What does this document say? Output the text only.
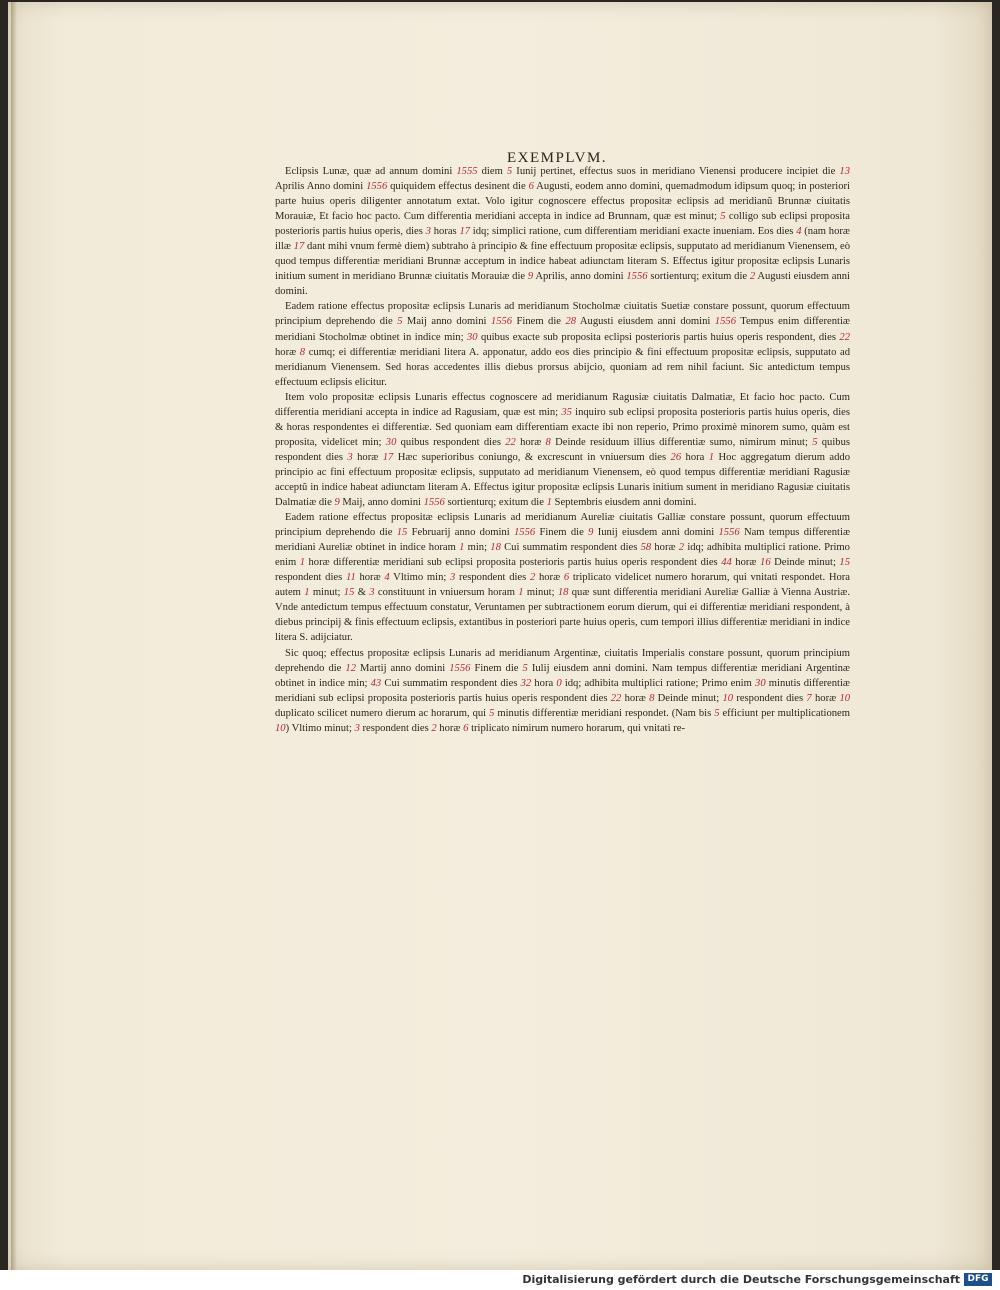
EXEMPLVM.

Eclipsis Lunæ, quæ ad annum domini 1555 diem 5 Iunij pertinet, effectus suos in meridiano Vienensi producere incipiet die 13 Aprilis Anno domini 1556 quiquidem effectus desinent die 6 Augusti, eodem anno domini, quemadmodum idipsum quoq; in posteriori parte huius operis diligenter annotatum extat. Volo igitur cognoscere effectus propositæ eclipsis ad meridianũ Brunnæ ciuitatis Morauiæ, Et facio hoc pacto. Cum differentia meridiani accepta in indice ad Brunnam, quæ est minut; 5 colligo sub eclipsi proposita posterioris partis huius operis, dies 3 horas 17 idq; simplici ratione, cum differentiam meridiani exacte inueniam. Eos dies 4 (nam horæ illæ 17 dant mihi vnum fermè diem) subtraho à principio & fine effectuum propositæ eclipsis, supputato ad meridianum Vienensem, eò quod tempus differentiæ meridiani Brunnæ acceptum in indice habeat adiunctam literam S. Effectus igitur propositæ eclipsis Lunaris initium sument in meridiano Brunnæ ciuitatis Morauiæ die 9 Aprilis, anno domini 1556 sortienturq; exitum die 2 Augusti eiusdem anni domini.

Eadem ratione effectus propositæ eclipsis Lunaris ad meridianum Stocholmæ ciuitatis Suetiæ constare possunt, quorum effectuum principium deprehendo die 5 Maij anno domini 1556 Finem die 28 Augusti eiusdem anni domini 1556 Tempus enim differentiæ meridiani Stocholmæ obtinet in indice min; 30 quibus exacte sub proposita eclipsi posterioris partis huius operis respondent, dies 22 horæ 8 cumq; ei differentiæ meridiani litera A. apponatur, addo eos dies principio & fini effectuum propositæ eclipsis, supputato ad meridianum Vienensem. Sed horas accedentes illis diebus prorsus abijcio, quoniam ad rem nihil faciunt. Sic antedictum tempus effectuum eclipsis elicitur.

Item volo propositæ eclipsis Lunaris effectus cognoscere ad meridianum Ragusiæ ciuitatis Dalmatiæ, Et facio hoc pacto. Cum differentia meridiani accepta in indice ad Ragusiam, quæ est min; 35 inquiro sub eclipsi proposita posterioris partis huius operis, dies & horas respondentes ei differentiæ. Sed quoniam eam differentiam exacte ibi non reperio, Primo proximè minorem sumo, quàm est proposita, videlicet min; 30 quibus respondent dies 22 horæ 8 Deinde residuum illius differentiæ sumo, nimirum minut; 5 quibus respondent dies 3 horæ 17 Hæc superioribus coniungo, & excrescunt in vniuersum dies 26 hora 1 Hoc aggregatum dierum addo principio ac fini effectuum propositæ eclipsis, supputato ad meridianum Vienensem, eò quod tempus differentiæ meridiani Ragusiæ acceptũ in indice habeat adiunctam literam A. Effectus igitur propositæ eclipsis Lunaris initium sument in meridiano Ragusiæ ciuitatis Dalmatiæ die 9 Maij, anno domini 1556 sortienturq; exitum die 1 Septembris eiusdem anni domini.

Eadem ratione effectus propositæ eclipsis Lunaris ad meridianum Aureliæ ciuitatis Galliæ constare possunt, quorum effectuum principium deprehendo die 15 Februarij anno domini 1556 Finem die 9 Iunij eiusdem anni domini 1556 Nam tempus differentiæ meridiani Aureliæ obtinet in indice horam 1 min; 18 Cui summatim respondent dies 58 horæ 2 idq; adhibita multiplici ratione. Primo enim 1 horæ differentiæ meridiani sub eclipsi proposita posterioris partis huius operis respondent dies 44 horæ 16 Deinde minut; 15 respondent dies 11 horæ 4 Vltimo min; 3 respondent dies 2 horæ 6 triplicato videlicet numero horarum, qui vnitati respondet. Hora autem 1 minut; 15 & 3 constituunt in vniuersum horam 1 minut; 18 quæ sunt differentia meridiani Aureliæ Galliæ à Vienna Austriæ. Vnde antedictum tempus effectuum constatur, Veruntamen per subtractionem eorum dierum, qui ei differentiæ meridiani respondent, à diebus principij & finis effectuum eclipsis, extantibus in posteriori parte huius operis, cum tempori illius differentiæ meridiani in indice litera S. adijciatur.

Sic quoq; effectus propositæ eclipsis Lunaris ad meridianum Argentinæ, ciuitatis Imperialis constare possunt, quorum principium deprehendo die 12 Martij anno domini 1556 Finem die 5 Iulij eiusdem anni domini. Nam tempus differentiæ meridiani Argentinæ obtinet in indice min; 43 Cui summatim respondent dies 32 hora 0 idq; adhibita multiplici ratione; Primo enim 30 minutis differentiæ meridiani sub eclipsi proposita posterioris partis huius operis respondent dies 22 horæ 8 Deinde minut; 10 respondent dies 7 horæ 10 duplicato scilicet numero dierum ac horarum, qui 5 minutis differentiæ meridiani respondet. (Nam bis 5 efficiunt per multiplicationem 10) Vltimo minut; 3 respondent dies 2 horæ 6 triplicato nimirum numero horarum, qui vnitati re-

Digitalisierung gefördert durch die Deutsche Forschungsgemeinschaft DFG
